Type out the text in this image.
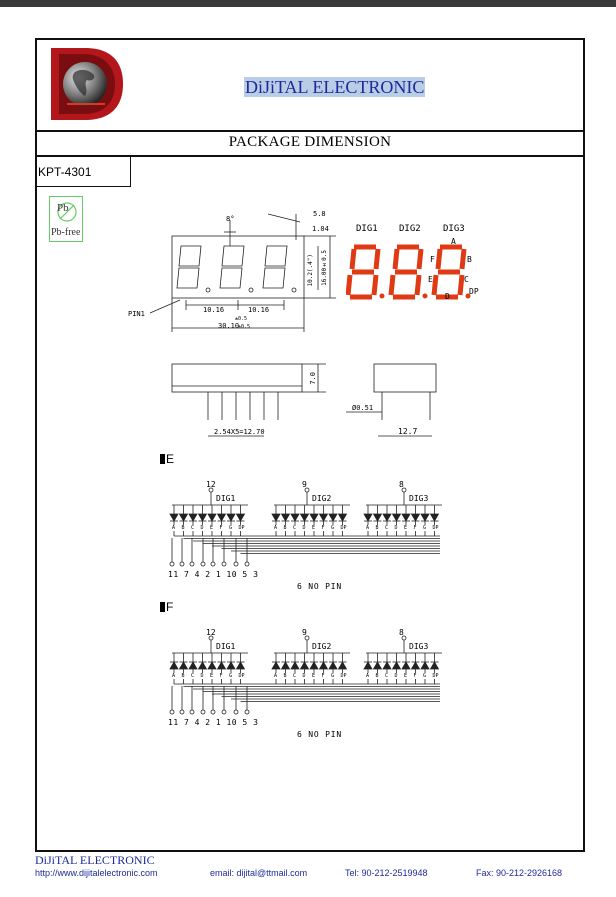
DiJiTAL ELECTRONIC
PACKAGE DIMENSION
KPT-4301
Pb
Pb-free
8°
5.8
1.04
10.2(.4") 16.00±0.5
PIN1	10.16	10.16
±0.5
30.10
±0.5
DIG1 DIG2 DIG3
A
B
C
D
E
F
DP
7.0
2.54X5=12.70
Ø0.51
12.7
E
12
DIG1
9
DIG2
8
DIG3
A B C D E F G DP	A B C D E F G DP	A B C D E F G DP
11 7 4 2 1 10 5 3
6 NO PIN
F
12
DIG1
9
DIG2
8
DIG3
A B C D E F G DP	A B C D E F G DP	A B C D E F G DP
11 7 4 2 1 10 5 3
6 NO PIN
DiJiTAL ELECTRONIC
http://www.dijitalelectronic.com	email: dijital@ttmail.com	Tel: 90-212-2519948	Fax: 90-212-2926168
